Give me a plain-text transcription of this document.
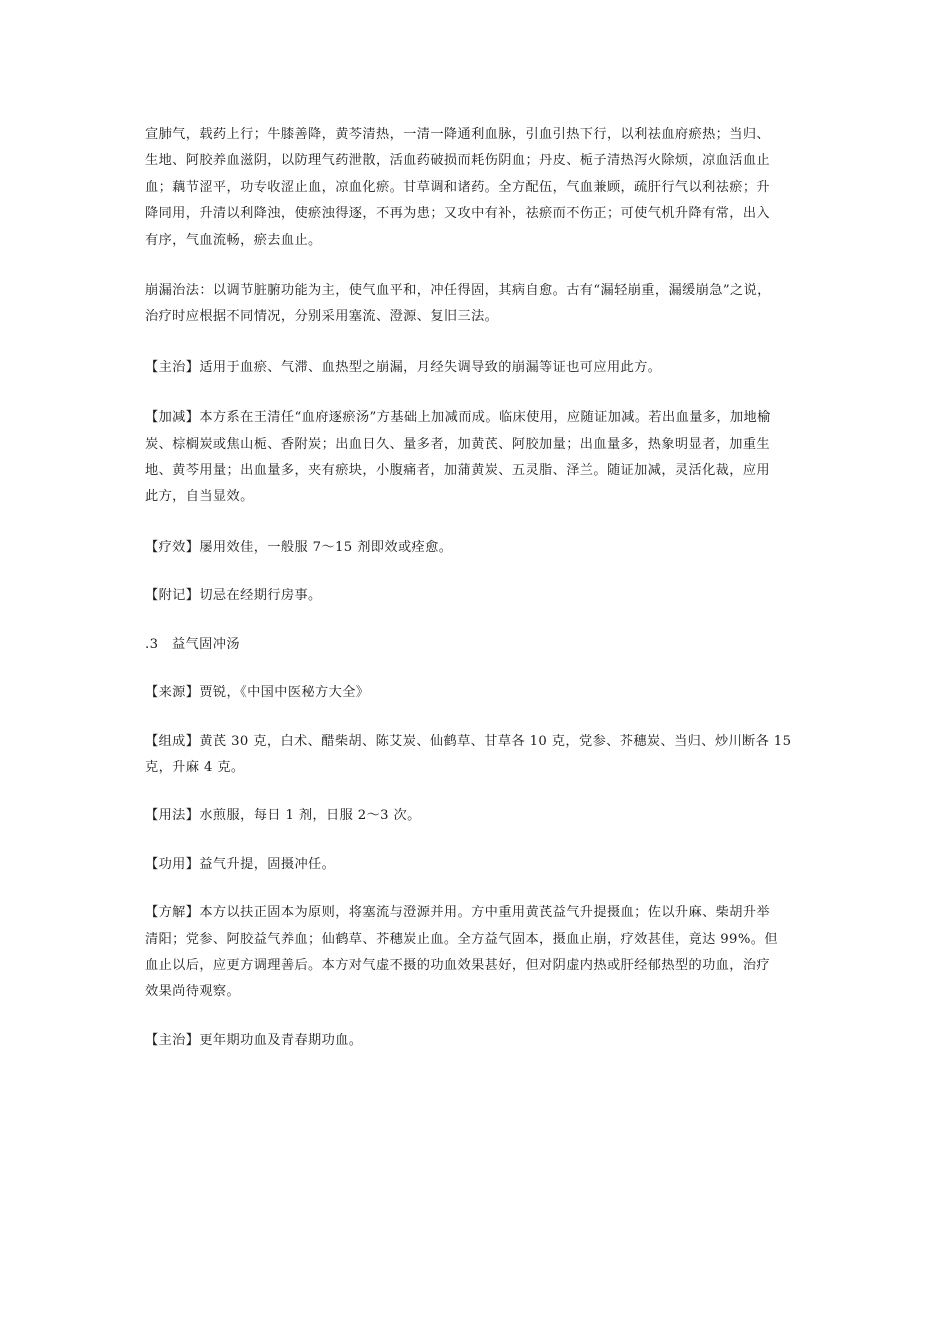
宣肺气，载药上行；牛膝善降，黄芩清热，一清一降通利血脉，引血引热下行，以利祛血府瘀热；当归、
生地、阿胶养血滋阴，以防理气药泄散，活血药破损而耗伤阴血；丹皮、栀子清热泻火除烦，凉血活血止
血；藕节涩平，功专收涩止血，凉血化瘀。甘草调和诸药。全方配伍，气血兼顾，疏肝行气以利祛瘀；升
降同用，升清以利降浊，使瘀浊得逐，不再为患；又攻中有补，祛瘀而不伤正；可使气机升降有常，出入
有序，气血流畅，瘀去血止。
崩漏治法：以调节脏腑功能为主，使气血平和，冲任得固，其病自愈。古有“漏轻崩重，漏缓崩急”之说，
治疗时应根据不同情况，分别采用塞流、澄源、复旧三法。
【主治】适用于血瘀、气滞、血热型之崩漏，月经失调导致的崩漏等证也可应用此方。
【加减】本方系在王清任“血府逐瘀汤”方基础上加减而成。临床使用，应随证加减。若出血量多，加地榆
炭、棕榈炭或焦山栀、香附炭；出血日久、量多者，加黄芪、阿胶加量；出血量多，热象明显者，加重生
地、黄芩用量；出血量多，夹有瘀块，小腹痛者，加蒲黄炭、五灵脂、泽兰。随证加减，灵活化裁，应用
此方，自当显效。
【疗效】屡用效佳，一般服 7～15 剂即效或痊愈。
【附记】切忌在经期行房事。
.3　益气固冲汤
【来源】贾锐，《中国中医秘方大全》
【组成】黄芪 30 克，白术、醋柴胡、陈艾炭、仙鹤草、甘草各 10 克，党参、芥穗炭、当归、炒川断各 15
克，升麻 4 克。
【用法】水煎服，每日 1 剂，日服 2～3 次。
【功用】益气升提，固摄冲任。
【方解】本方以扶正固本为原则，将塞流与澄源并用。方中重用黄芪益气升提摄血；佐以升麻、柴胡升举
清阳；党参、阿胶益气养血；仙鹤草、芥穗炭止血。全方益气固本，摄血止崩，疗效甚佳，竟达 99%。但
血止以后，应更方调理善后。本方对气虚不摄的功血效果甚好，但对阴虚内热或肝经郁热型的功血，治疗
效果尚待观察。
【主治】更年期功血及青春期功血。
